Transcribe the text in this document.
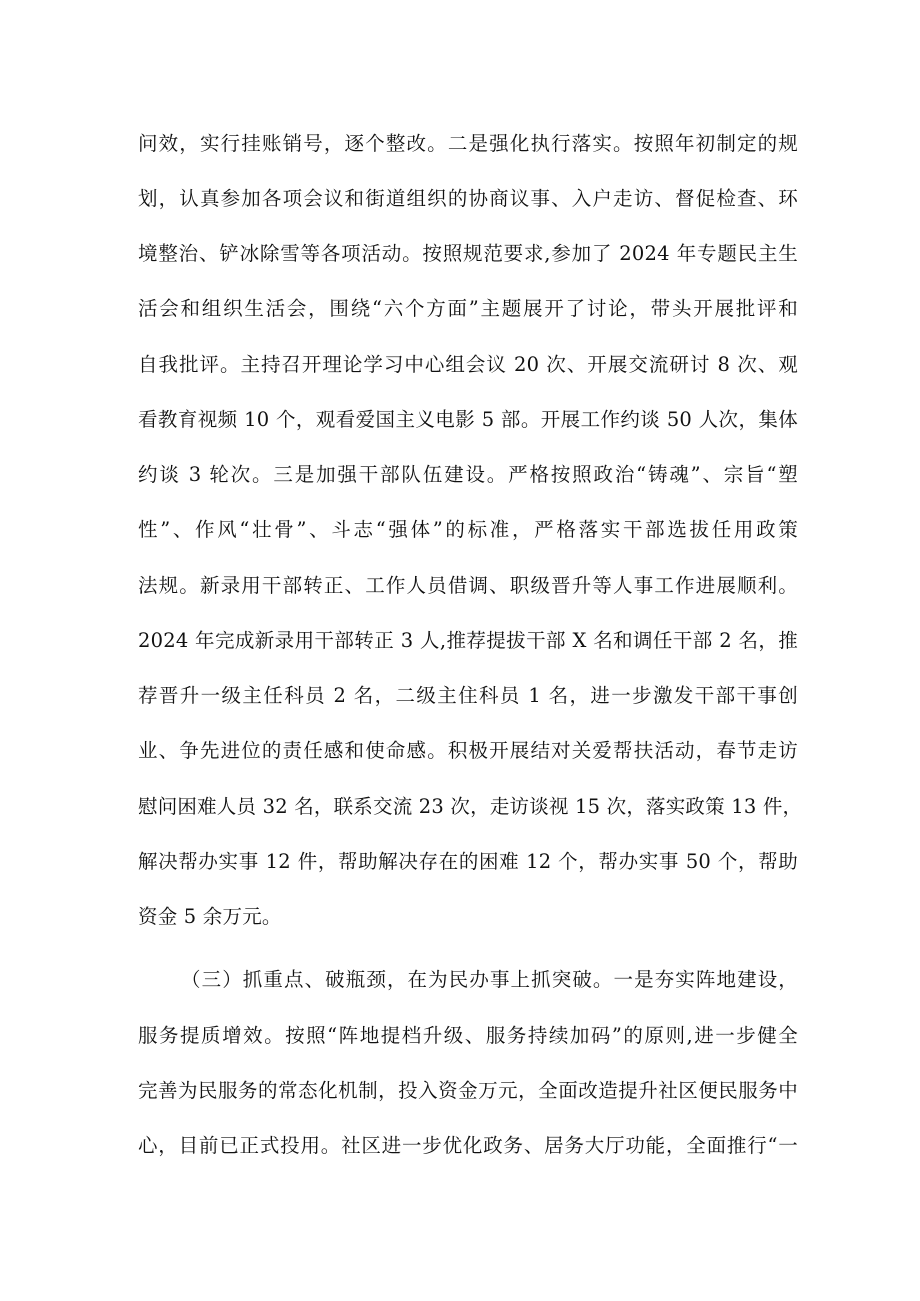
问效，实行挂账销号，逐个整改。二是强化执行落实。按照年初制定的规
划，认真参加各项会议和街道组织的协商议事、入户走访、督促检查、环
境整治、铲冰除雪等各项活动。按照规范要求,参加了 2024 年专题民主生
活会和组织生活会，围绕“六个方面”主题展开了讨论，带头开展批评和
自我批评。主持召开理论学习中心组会议 20 次、开展交流研讨 8 次、观
看教育视频 10 个，观看爱国主义电影 5 部。开展工作约谈 50 人次，集体
约谈 3 轮次。三是加强干部队伍建设。严格按照政治“铸魂”、宗旨“塑
性”、作风“壮骨”、斗志“强体”的标准，严格落实干部选拔任用政策
法规。新录用干部转正、工作人员借调、职级晋升等人事工作进展顺利。
2024 年完成新录用干部转正 3 人,推荐提拔干部 X 名和调任干部 2 名，推
荐晋升一级主任科员 2 名，二级主住科员 1 名，进一步激发干部干事创
业、争先进位的责任感和使命感。积极开展结对关爱帮扶活动，春节走访
慰问困难人员 32 名，联系交流 23 次，走访谈视 15 次，落实政策 13 件，
解决帮办实事 12 件，帮助解决存在的困难 12 个，帮办实事 50 个，帮助
资金 5 余万元。
（三）抓重点、破瓶颈，在为民办事上抓突破。一是夯实阵地建设，
服务提质增效。按照“阵地提档升级、服务持续加码”的原则,进一步健全
完善为民服务的常态化机制，投入资金万元，全面改造提升社区便民服务中
心，目前已正式投用。社区进一步优化政务、居务大厅功能，全面推行“一
